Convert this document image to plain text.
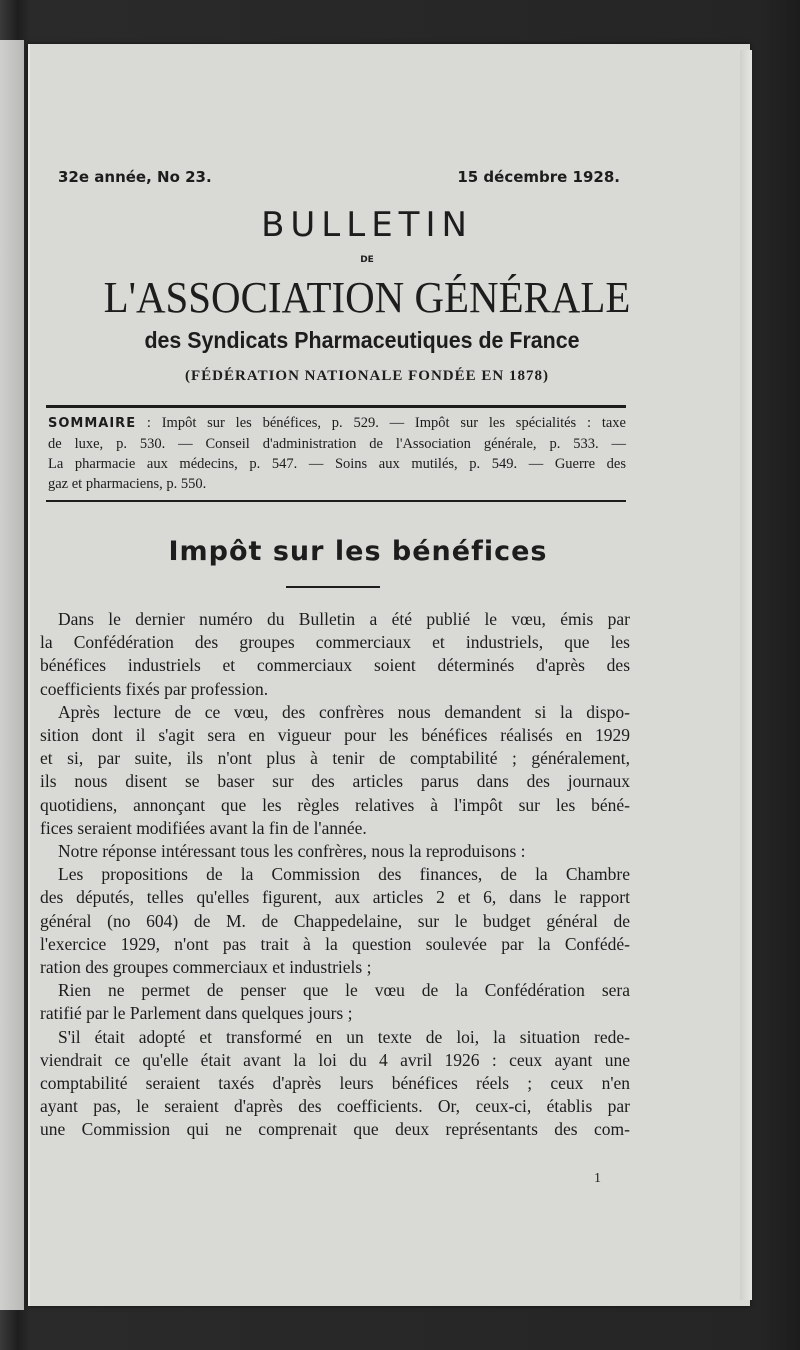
32e année, No 23.	15 décembre 1928.
BULLETIN
DE
L'ASSOCIATION GÉNÉRALE
des Syndicats Pharmaceutiques de France
(FÉDÉRATION NATIONALE FONDÉE EN 1878)
SOMMAIRE : Impôt sur les bénéfices, p. 529. — Impôt sur les spécialités : taxe
de luxe, p. 530. — Conseil d'administration de l'Association générale, p. 533. —
La pharmacie aux médecins, p. 547. — Soins aux mutilés, p. 549. — Guerre des
gaz et pharmaciens, p. 550.
Impôt sur les bénéfices
Dans le dernier numéro du Bulletin a été publié le vœu, émis par
la Confédération des groupes commerciaux et industriels, que les
bénéfices industriels et commerciaux soient déterminés d'après des
coefficients fixés par profession.
Après lecture de ce vœu, des confrères nous demandent si la dispo-
sition dont il s'agit sera en vigueur pour les bénéfices réalisés en 1929
et si, par suite, ils n'ont plus à tenir de comptabilité ; généralement,
ils nous disent se baser sur des articles parus dans des journaux
quotidiens, annonçant que les règles relatives à l'impôt sur les béné-
fices seraient modifiées avant la fin de l'année.
Notre réponse intéressant tous les confrères, nous la reproduisons :
Les propositions de la Commission des finances, de la Chambre
des députés, telles qu'elles figurent, aux articles 2 et 6, dans le rapport
général (no 604) de M. de Chappedelaine, sur le budget général de
l'exercice 1929, n'ont pas trait à la question soulevée par la Confédé-
ration des groupes commerciaux et industriels ;
Rien ne permet de penser que le vœu de la Confédération sera
ratifié par le Parlement dans quelques jours ;
S'il était adopté et transformé en un texte de loi, la situation rede-
viendrait ce qu'elle était avant la loi du 4 avril 1926 : ceux ayant une
comptabilité seraient taxés d'après leurs bénéfices réels ; ceux n'en
ayant pas, le seraient d'après des coefficients. Or, ceux-ci, établis par
une Commission qui ne comprenait que deux représentants des com-
1
